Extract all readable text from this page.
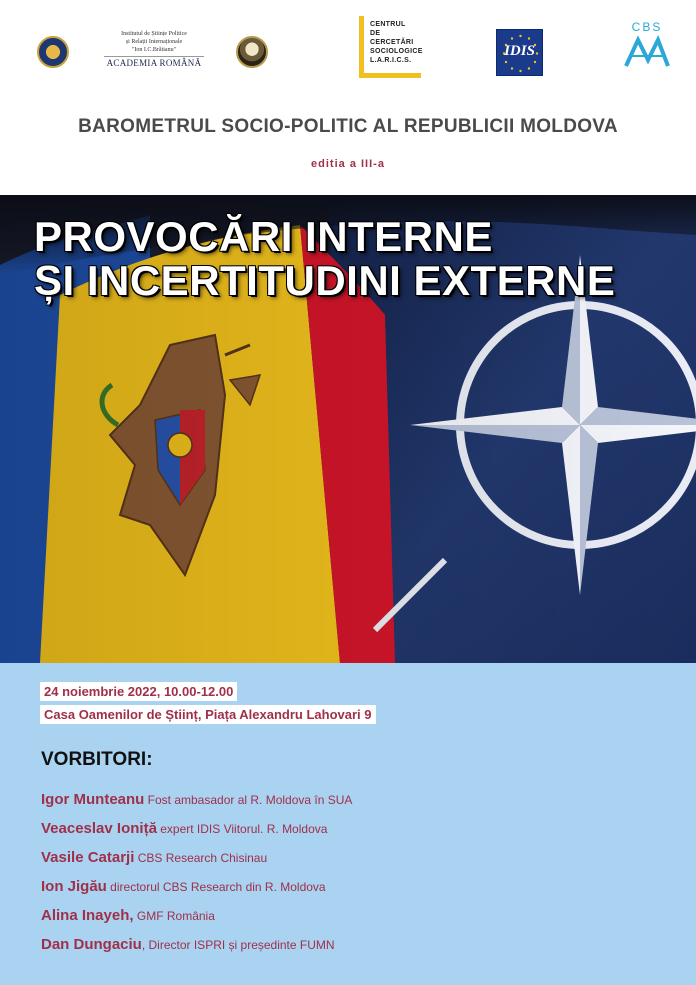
Institutul de Științe Politice
și Relații Internaționale
"Ion I.C.Brătianu"
ACADEMIA ROMÂNĂ
CENTRUL
DE CERCETĂRI
SOCIOLOGICE
L.A.R.I.C.S.
IDIS
CBS
BAROMETRUL SOCIO-POLITIC AL REPUBLICII MOLDOVA
editia a III-a
PROVOCĂRI INTERNE
ȘI INCERTITUDINI EXTERNE
24 noiembrie 2022, 10.00-12.00
Casa Oamenilor de Științ, Piața Alexandru Lahovari 9
VORBITORI:
Igor Munteanu Fost ambasador al R. Moldova în SUA
Veaceslav Ioniță expert IDIS Viitorul. R. Moldova
Vasile Catarji CBS Research Chisinau
Ion Jigău directorul CBS Research din R. Moldova
Alina Inayeh, GMF România
Dan Dungaciu, Director ISPRI și președinte FUMN
